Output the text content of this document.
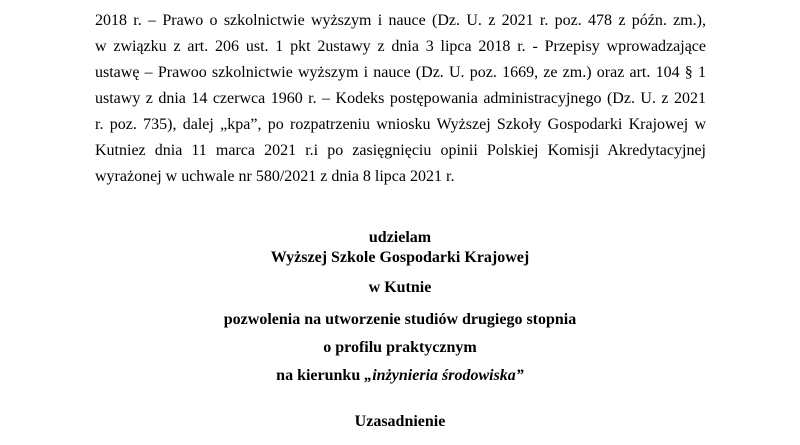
2018 r. – Prawo o szkolnictwie wyższym i nauce (Dz. U. z 2021 r. poz. 478 z późn. zm.),
w związku z art. 206 ust. 1 pkt 2ustawy z dnia 3 lipca 2018 r. - Przepisy wprowadzające
ustawę – Prawoo szkolnictwie wyższym i nauce (Dz. U. poz. 1669, ze zm.) oraz art. 104 § 1
ustawy z dnia 14 czerwca 1960 r. – Kodeks postępowania administracyjnego (Dz. U. z 2021
r. poz. 735), dalej „kpa”, po rozpatrzeniu wniosku Wyższej Szkoły Gospodarki Krajowej w
Kutniez dnia 11 marca 2021 r.i po zasięgnięciu opinii Polskiej Komisji Akredytacyjnej
wyrażonej w uchwale nr 580/2021 z dnia 8 lipca 2021 r.
udzielam
Wyższej Szkole Gospodarki Krajowej
w Kutnie
pozwolenia na utworzenie studiów drugiego stopnia
o profilu praktycznym
na kierunku „inżynieria środowiska”
Uzasadnienie
